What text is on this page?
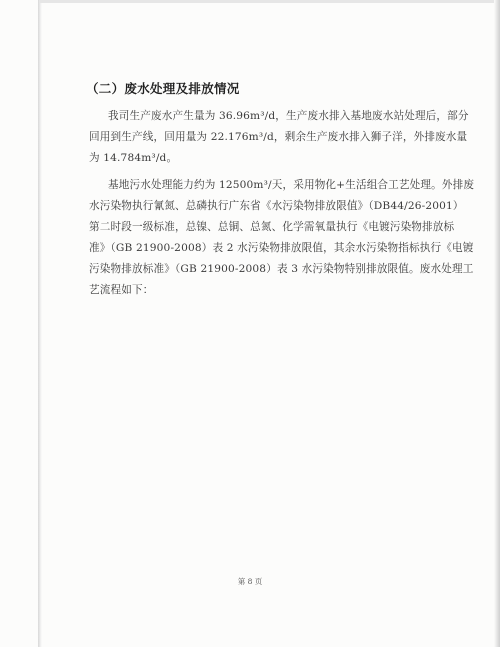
（二）废水处理及排放情况
我司生产废水产生量为 36.96m³/d，生产废水排入基地废水站处理后，部分
回用到生产线，回用量为 22.176m³/d，剩余生产废水排入狮子洋，外排废水量
为 14.784m³/d。
基地污水处理能力约为 12500m³/天，采用物化+生活组合工艺处理。外排废
水污染物执行氰氮、总磷执行广东省《水污染物排放限值》（DB44/26-2001）
第二时段一级标准，总镍、总铜、总氮、化学需氧量执行《电镀污染物排放标
准》（GB 21900-2008）表 2 水污染物排放限值，其余水污染物指标执行《电镀
污染物排放标准》（GB 21900-2008）表 3 水污染物特别排放限值。废水处理工
艺流程如下：
第 8 页
